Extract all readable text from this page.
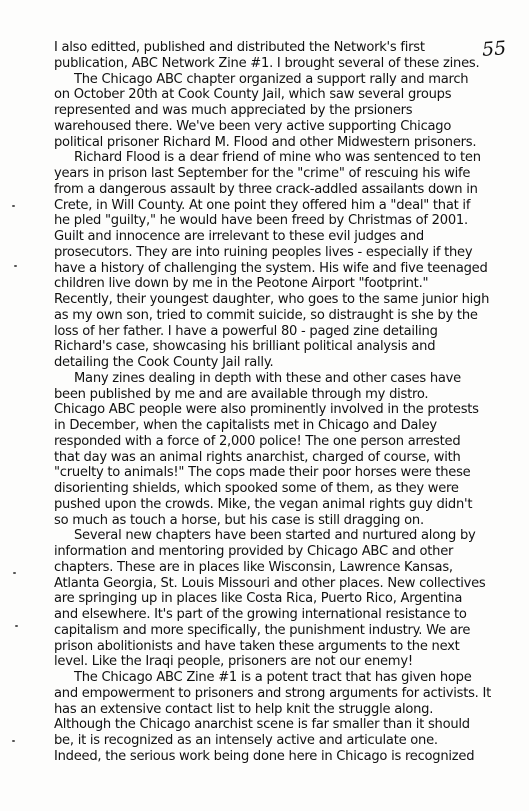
55
I also editted, published and distributed the Network's first
publication, ABC Network Zine #1. I brought several of these zines.
The Chicago ABC chapter organized a support rally and march
on October 20th at Cook County Jail, which saw several groups
represented and was much appreciated by the prsioners
warehoused there. We've been very active supporting Chicago
political prisoner Richard M. Flood and other Midwestern prisoners.
Richard Flood is a dear friend of mine who was sentenced to ten
years in prison last September for the "crime" of rescuing his wife
from a dangerous assault by three crack-addled assailants down in
Crete, in Will County. At one point they offered him a "deal" that if
he pled "guilty," he would have been freed by Christmas of 2001.
Guilt and innocence are irrelevant to these evil judges and
prosecutors. They are into ruining peoples lives - especially if they
have a history of challenging the system. His wife and five teenaged
children live down by me in the Peotone Airport "footprint."
Recently, their youngest daughter, who goes to the same junior high
as my own son, tried to commit suicide, so distraught is she by the
loss of her father. I have a powerful 80 - paged zine detailing
Richard's case, showcasing his brilliant political analysis and
detailing the Cook County Jail rally.
Many zines dealing in depth with these and other cases have
been published by me and are available through my distro.
Chicago ABC people were also prominently involved in the protests
in December, when the capitalists met in Chicago and Daley
responded with a force of 2,000 police! The one person arrested
that day was an animal rights anarchist, charged of course, with
"cruelty to animals!" The cops made their poor horses were these
disorienting shields, which spooked some of them, as they were
pushed upon the crowds. Mike, the vegan animal rights guy didn't
so much as touch a horse, but his case is still dragging on.
Several new chapters have been started and nurtured along by
information and mentoring provided by Chicago ABC and other
chapters. These are in places like Wisconsin, Lawrence Kansas,
Atlanta Georgia, St. Louis Missouri and other places. New collectives
are springing up in places like Costa Rica, Puerto Rico, Argentina
and elsewhere. It's part of the growing international resistance to
capitalism and more specifically, the punishment industry. We are
prison abolitionists and have taken these arguments to the next
level. Like the Iraqi people, prisoners are not our enemy!
The Chicago ABC Zine #1 is a potent tract that has given hope
and empowerment to prisoners and strong arguments for activists. It
has an extensive contact list to help knit the struggle along.
Although the Chicago anarchist scene is far smaller than it should
be, it is recognized as an intensely active and articulate one.
Indeed, the serious work being done here in Chicago is recognized
